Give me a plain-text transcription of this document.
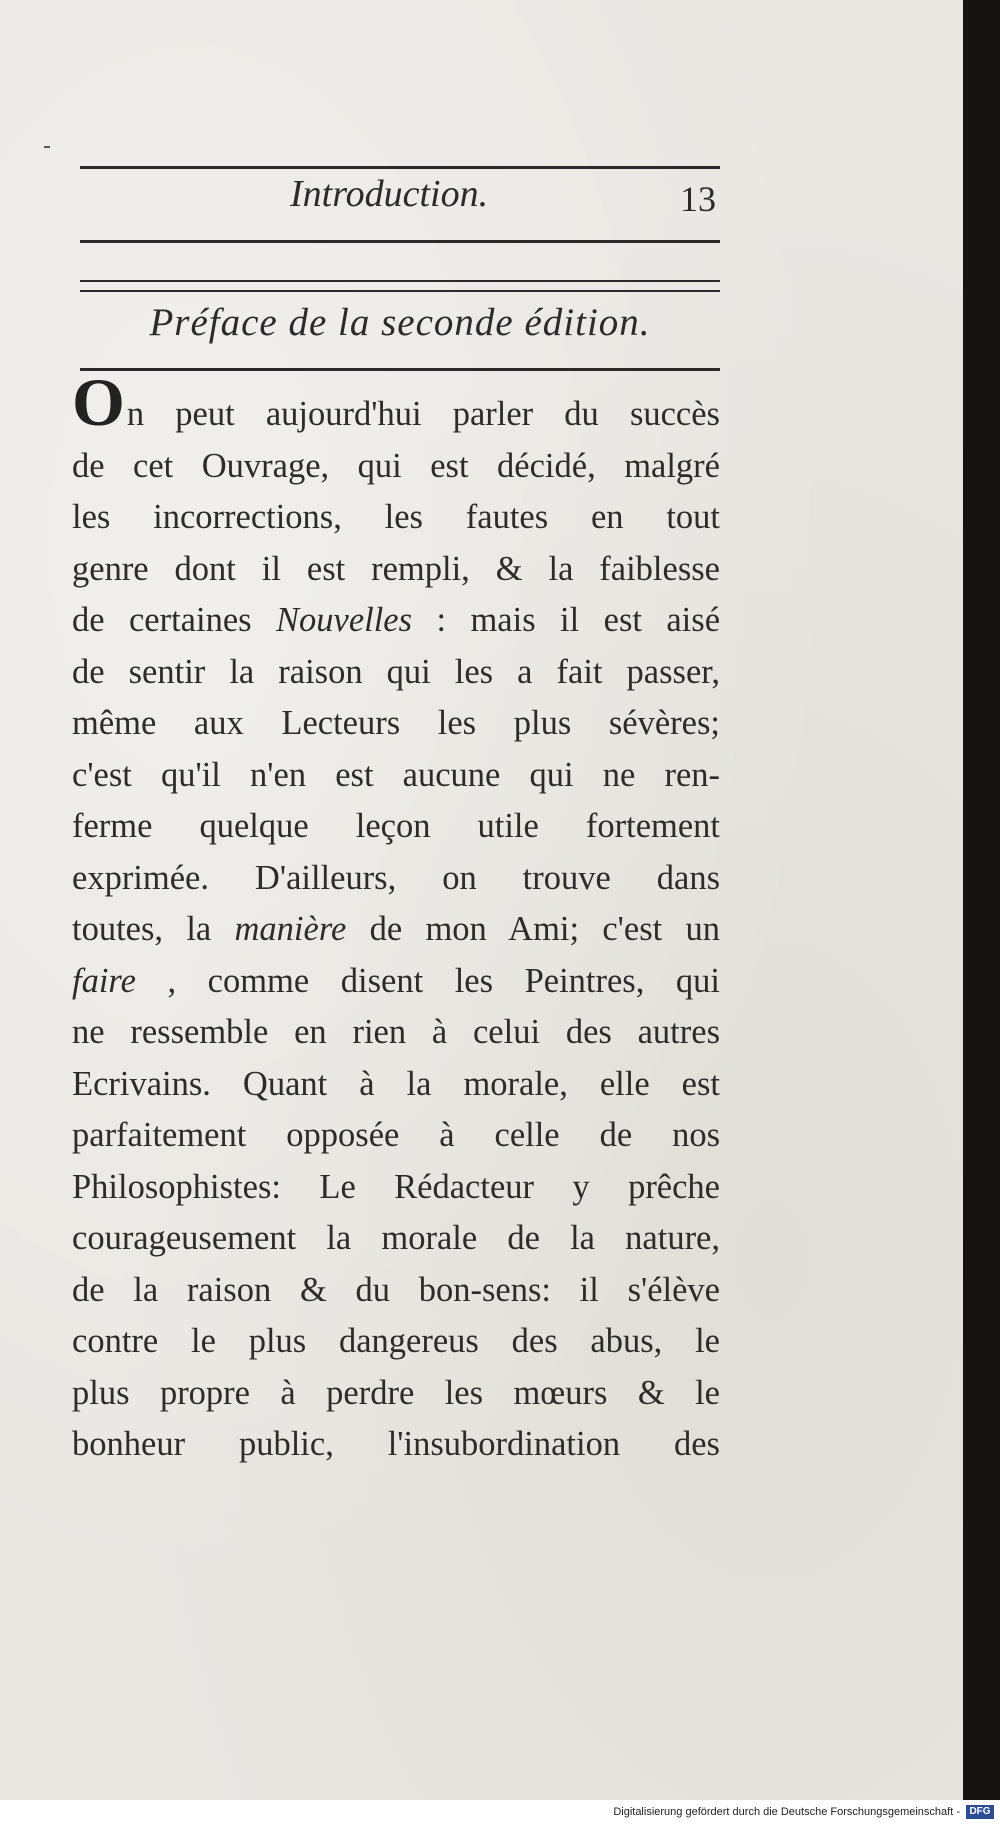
Introduction.	13
Préface de la seconde édition.
On peut aujourd'hui parler du succès
de cet Ouvrage, qui est décidé, malgré
les incorrections, les fautes en tout
genre dont il est rempli, & la faiblesse
de certaines Nouvelles : mais il est aisé
de sentir la raison qui les a fait passer,
même aux Lecteurs les plus sévères;
c'est qu'il n'en est aucune qui ne ren-
ferme quelque leçon utile fortement
exprimée. D'ailleurs, on trouve dans
toutes, la manière de mon Ami; c'est un
faire , comme disent les Peintres, qui
ne ressemble en rien à celui des autres
Ecrivains. Quant à la morale, elle est
parfaitement opposée à celle de nos
Philosophistes: Le Rédacteur y prêche
courageusement la morale de la nature,
de la raison & du bon-sens: il s'élève
contre le plus dangereus des abus, le
plus propre à perdre les mœurs & le
bonheur public, l'insubordination des
Digitalisierung gefördert durch die Deutsche Forschungsgemeinschaft - DFG
